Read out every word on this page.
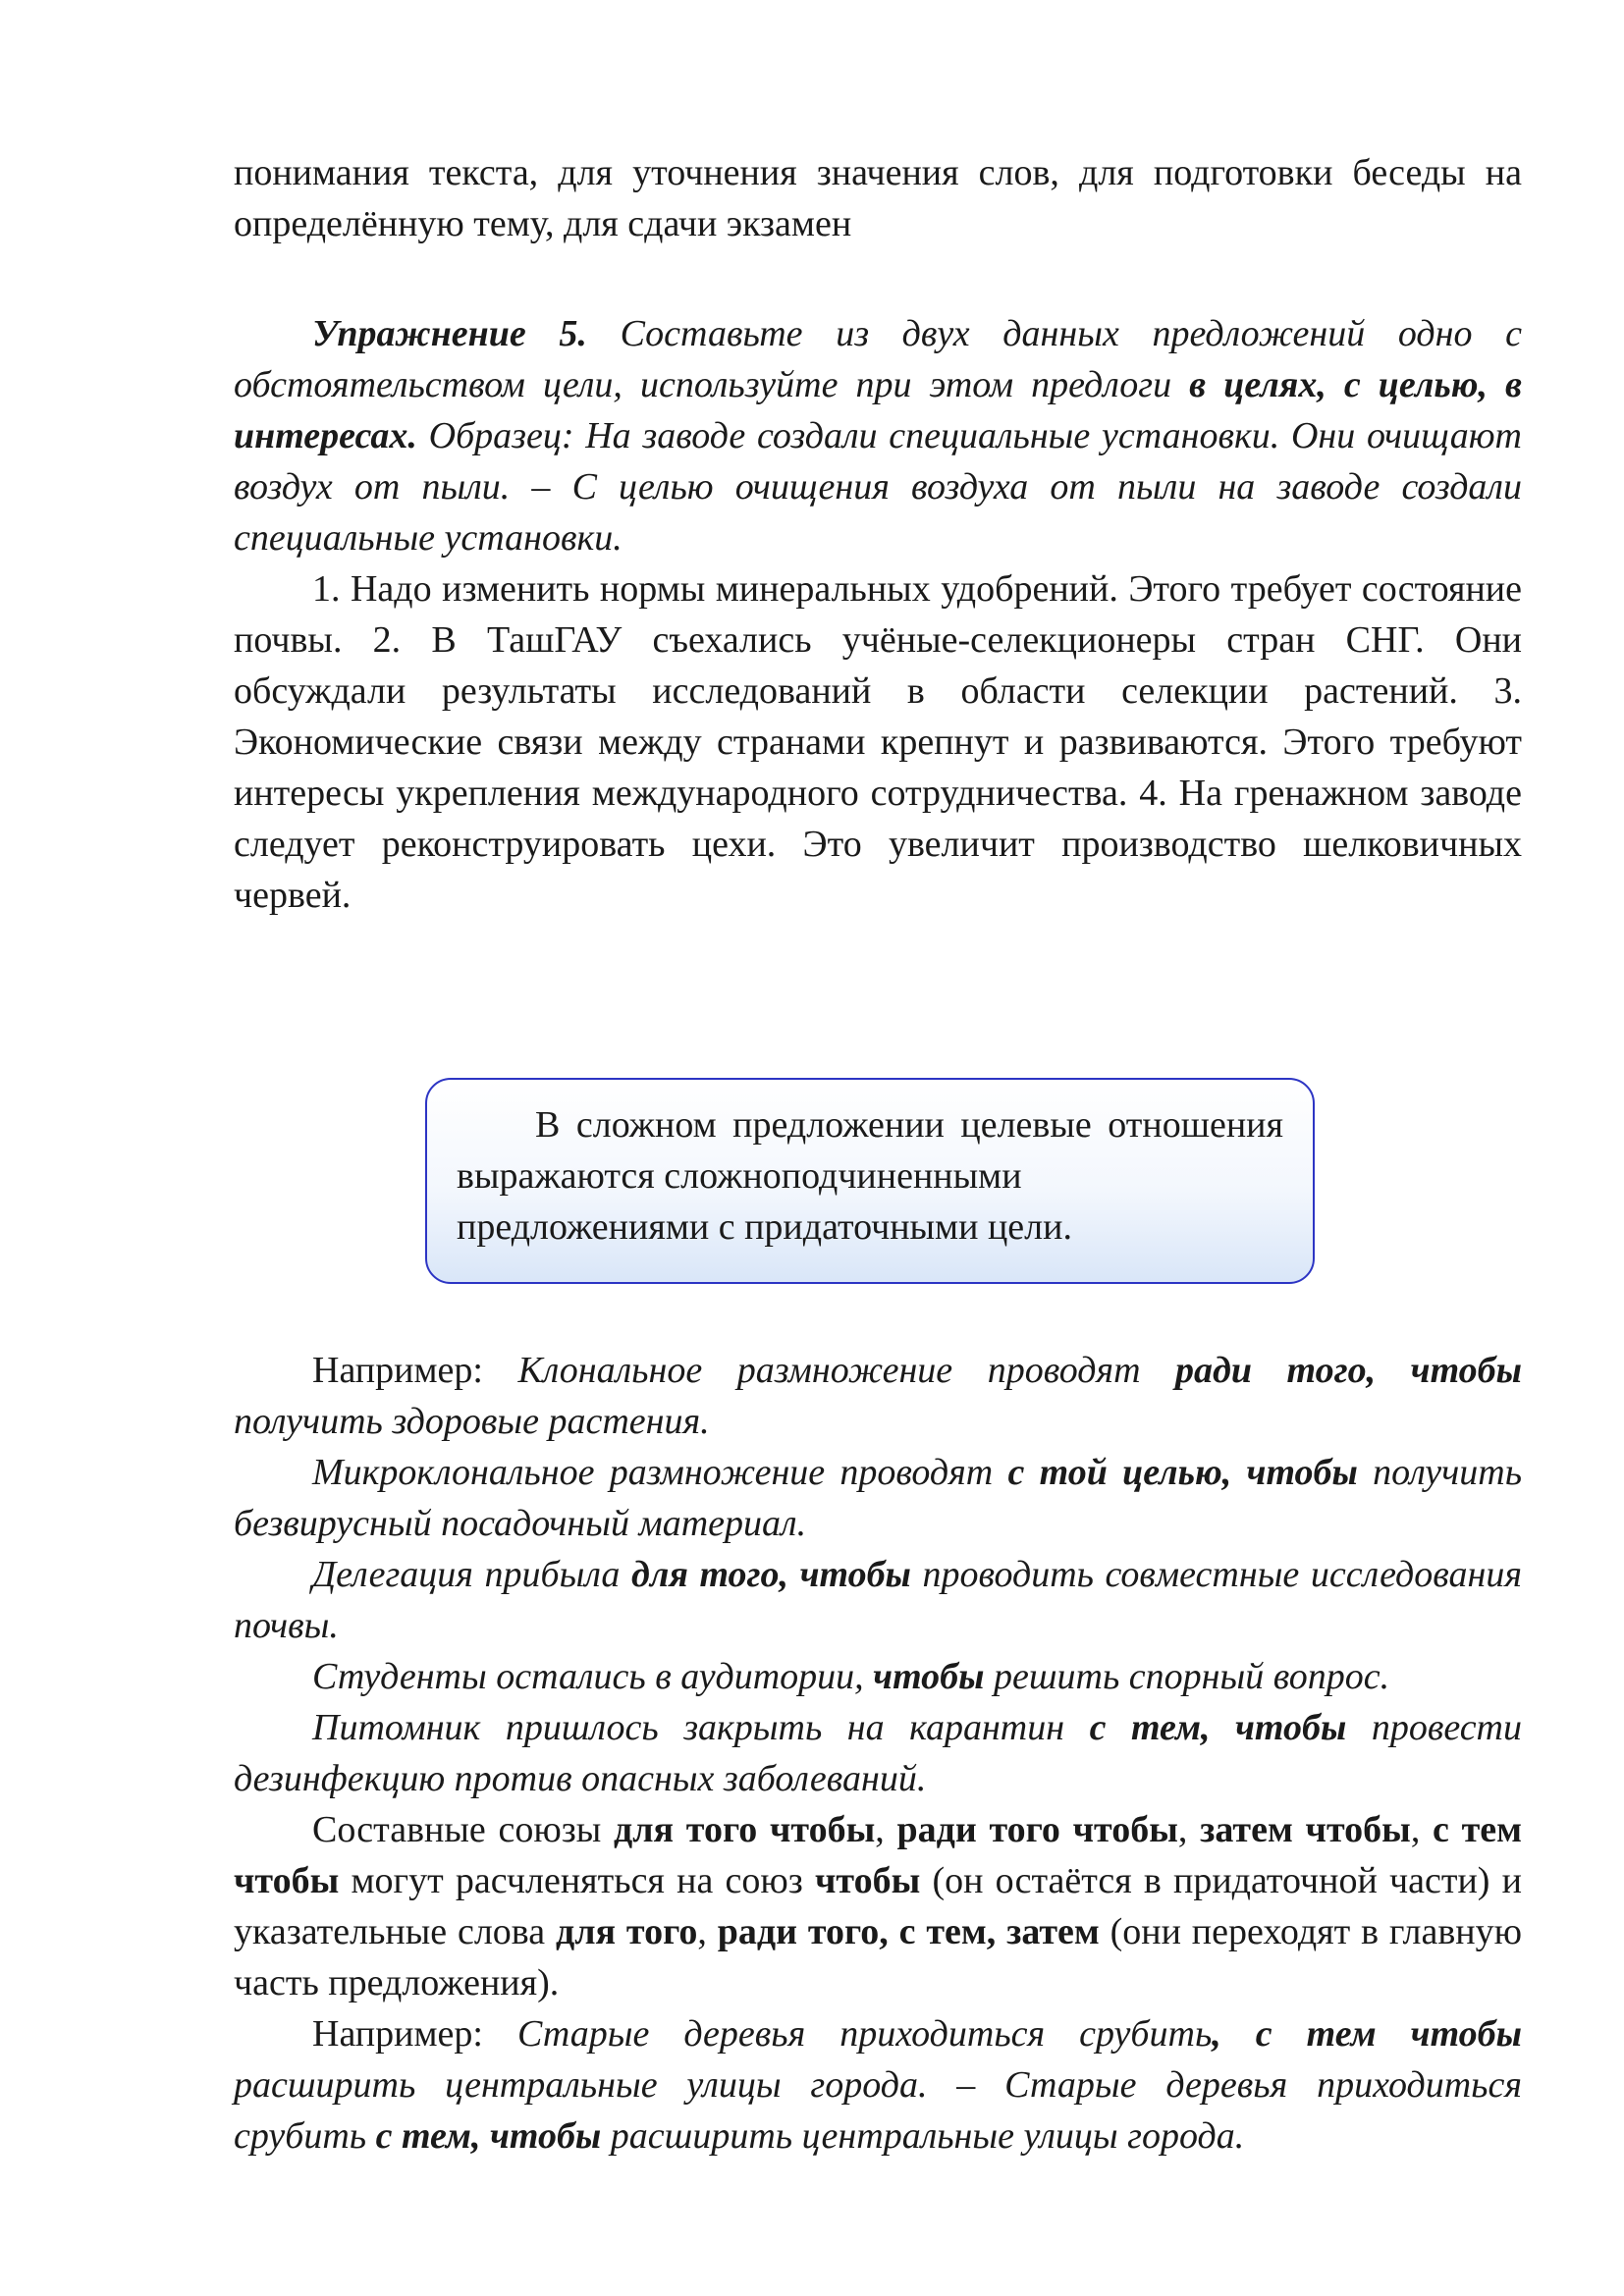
понимания текста, для уточнения значения слов, для подготовки беседы на определённую тему, для сдачи экзамен

Упражнение 5. Составьте из двух данных предложений одно с обстоятельством цели, используйте при этом предлоги в целях, с целью, в интересах. Образец: На заводе создали специальные установки. Они очищают воздух от пыли. – С целью очищения воздуха от пыли на заводе создали специальные установки.

1. Надо изменить нормы минеральных удобрений. Этого требует состояние почвы. 2. В ТашГАУ съехались учёные-селекционеры стран СНГ. Они обсуждали результаты исследований в области селекции растений. 3. Экономические связи между странами крепнут и развиваются. Этого требуют интересы укрепления международного сотрудничества. 4. На гренажном заводе следует реконструировать цехи. Это увеличит производство шелковичных червей.

В сложном предложении целевые отношения выражаются сложноподчиненными

предложениями с придаточными цели.

Например: Клональное размножение проводят ради того, чтобы получить здоровые растения.

Микроклональное размножение проводят с той целью, чтобы получить безвирусный посадочный материал.

Делегация прибыла для того, чтобы проводить совместные исследования почвы.

Студенты остались в аудитории, чтобы решить спорный вопрос.

Питомник пришлось закрыть на карантин с тем, чтобы провести дезинфекцию против опасных заболеваний.

Составные союзы для того чтобы, ради того чтобы, затем чтобы, с тем чтобы могут расчленяться на союз чтобы (он остаётся в придаточной части) и указательные слова для того, ради того, с тем, затем (они переходят в главную часть предложения).

Например: Старые деревья приходиться срубить, с тем чтобы расширить центральные улицы города. – Старые деревья приходиться срубить с тем, чтобы расширить центральные улицы города.
